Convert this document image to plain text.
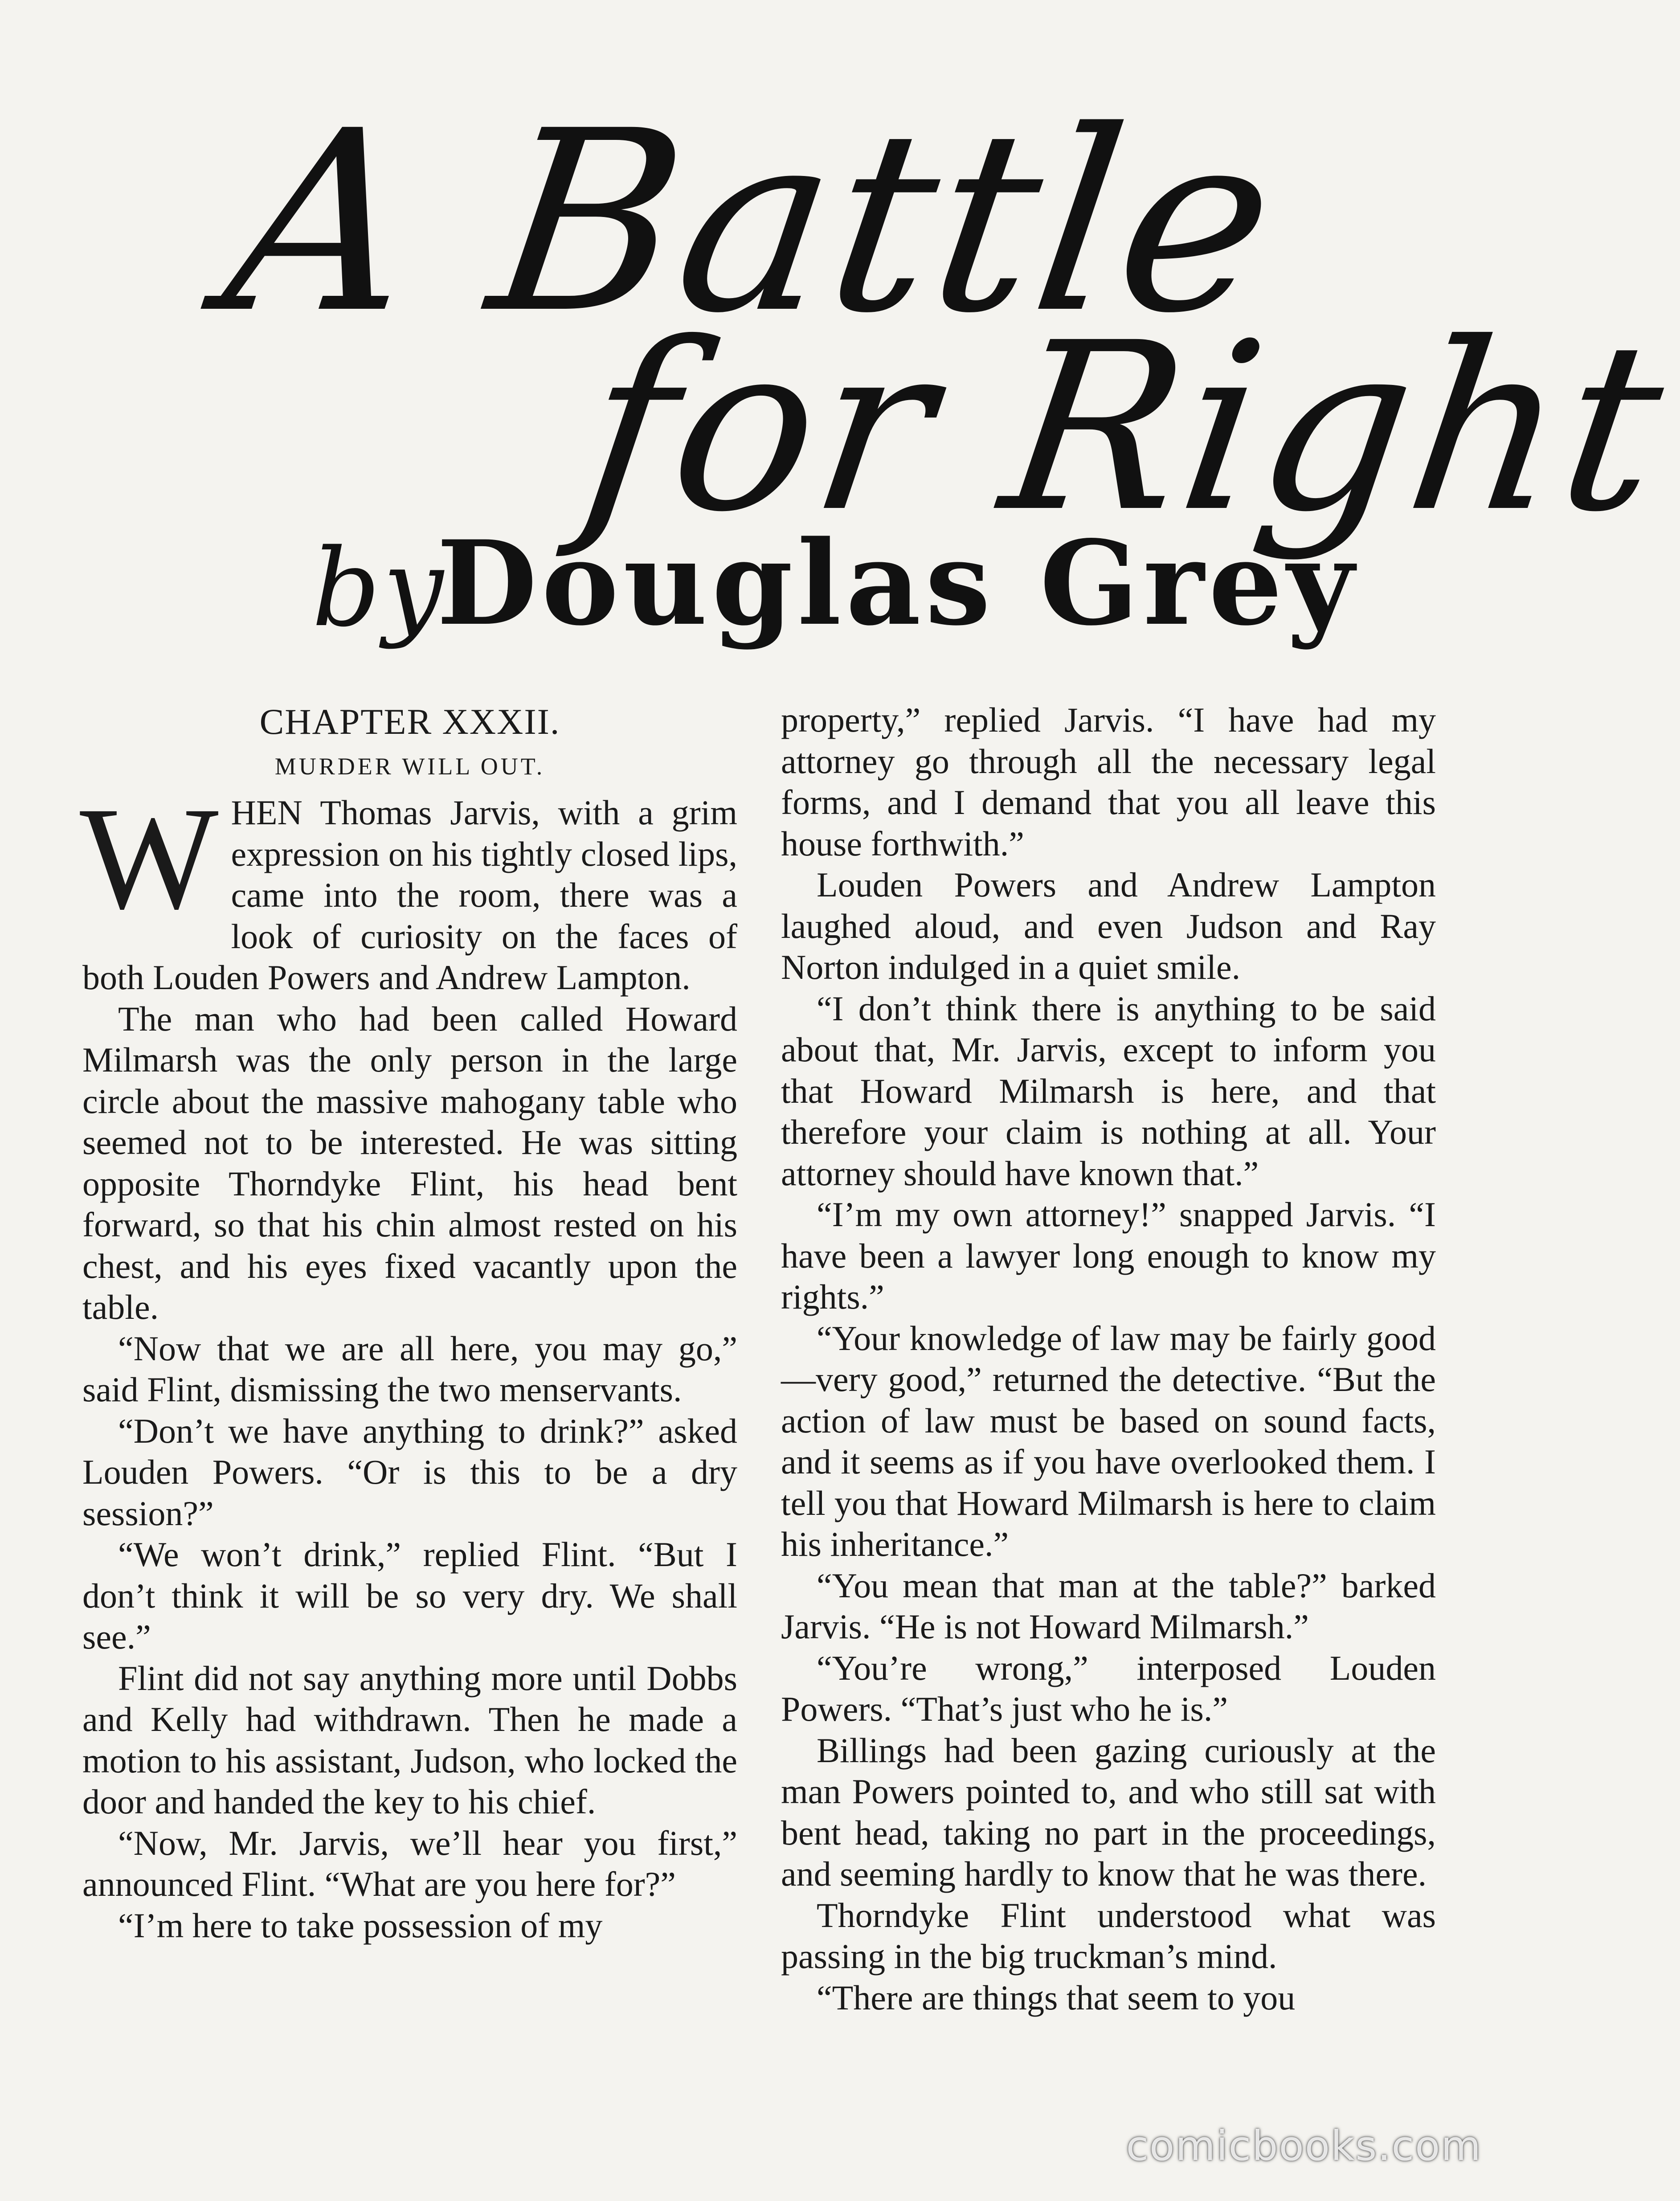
A Battle
for Right
by
Douglas Grey
CHAPTER XXXII.
MURDER WILL OUT.

WHEN Thomas Jarvis, with a grim expression on his tightly closed lips, came into the room, there was a look of curiosity on the faces of both Louden Powers and Andrew Lampton.

The man who had been called Howard Milmarsh was the only person in the large circle about the massive mahogany table who seemed not to be interested. He was sitting opposite Thorndyke Flint, his head bent forward, so that his chin almost rested on his chest, and his eyes fixed vacantly upon the table.

“Now that we are all here, you may go,” said Flint, dismissing the two menservants.

“Don’t we have anything to drink?” asked Louden Powers. “Or is this to be a dry session?”

“We won’t drink,” replied Flint. “But I don’t think it will be so very dry. We shall see.”

Flint did not say anything more until Dobbs and Kelly had withdrawn. Then he made a motion to his assistant, Judson, who locked the door and handed the key to his chief.

“Now, Mr. Jarvis, we’ll hear you first,” announced Flint. “What are you here for?”

“I’m here to take possession of my

property,” replied Jarvis. “I have had my attorney go through all the necessary legal forms, and I demand that you all leave this house forthwith.”

Louden Powers and Andrew Lampton laughed aloud, and even Judson and Ray Norton indulged in a quiet smile.

“I don’t think there is anything to be said about that, Mr. Jarvis, except to inform you that Howard Milmarsh is here, and that therefore your claim is nothing at all. Your attorney should have known that.”

“I’m my own attorney!” snapped Jarvis. “I have been a lawyer long enough to know my rights.”

“Your knowledge of law may be fairly good—very good,” returned the detective. “But the action of law must be based on sound facts, and it seems as if you have overlooked them. I tell you that Howard Milmarsh is here to claim his inheritance.”

“You mean that man at the table?” barked Jarvis. “He is not Howard Milmarsh.”

“You’re wrong,” interposed Louden Powers. “That’s just who he is.”

Billings had been gazing curiously at the man Powers pointed to, and who still sat with bent head, taking no part in the proceedings, and seeming hardly to know that he was there.

Thorndyke Flint understood what was passing in the big truckman’s mind.

“There are things that seem to you

comicbooks.com
